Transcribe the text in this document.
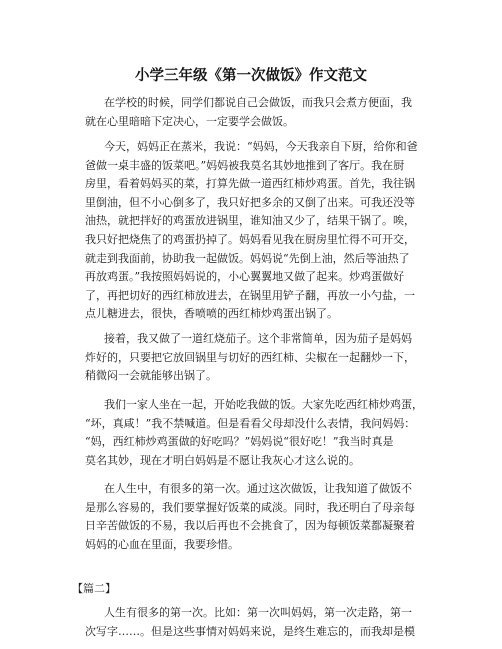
小学三年级《第一次做饭》作文范文

在学校的时候，同学们都说自己会做饭，而我只会煮方便面，我
就在心里暗暗下定决心，一定要学会做饭。

今天，妈妈正在蒸米，我说：“妈妈，今天我亲自下厨，给你和爸
爸做一桌丰盛的饭菜吧。”妈妈被我莫名其妙地推到了客厅。我在厨
房里，看着妈妈买的菜，打算先做一道西红柿炒鸡蛋。首先，我往锅
里倒油，但不小心倒多了，我只好把多余的又倒了出来。可我还没等
油热，就把拌好的鸡蛋放进锅里，谁知油又少了，结果干锅了。唉，
我只好把烧焦了的鸡蛋扔掉了。妈妈看见我在厨房里忙得不可开交，
就走到我面前，协助我一起做饭。妈妈说“先倒上油，然后等油热了
再放鸡蛋。”我按照妈妈说的，小心翼翼地又做了起来。炒鸡蛋做好
了，再把切好的西红柿放进去，在锅里用铲子翻，再放一小勺盐，一
点儿糖进去，很快，香喷喷的西红柿炒鸡蛋出锅了。

接着，我又做了一道红烧茄子。这个非常简单，因为茄子是妈妈
炸好的，只要把它放回锅里与切好的西红柿、尖椒在一起翻炒一下，
稍微闷一会就能够出锅了。

我们一家人坐在一起，开始吃我做的饭。大家先吃西红柿炒鸡蛋，
“坏，真咸！”我不禁喊道。但是看看父母却没什么表情，我问妈妈：
“妈，西红柿炒鸡蛋做的好吃吗？”妈妈说“很好吃！”我当时真是
莫名其妙，现在才明白妈妈是不愿让我灰心才这么说的。

在人生中，有很多的第一次。通过这次做饭，让我知道了做饭不
是那么容易的，我们要掌握好饭菜的咸淡。同时，我还明白了母亲每
日辛苦做饭的不易，我以后再也不会挑食了，因为每顿饭菜都凝聚着
妈妈的心血在里面，我要珍惜。

【篇二】

人生有很多的第一次。比如：第一次叫妈妈，第一次走路，第一
次写字……。但是这些事情对妈妈来说，是终生难忘的，而我却是模
